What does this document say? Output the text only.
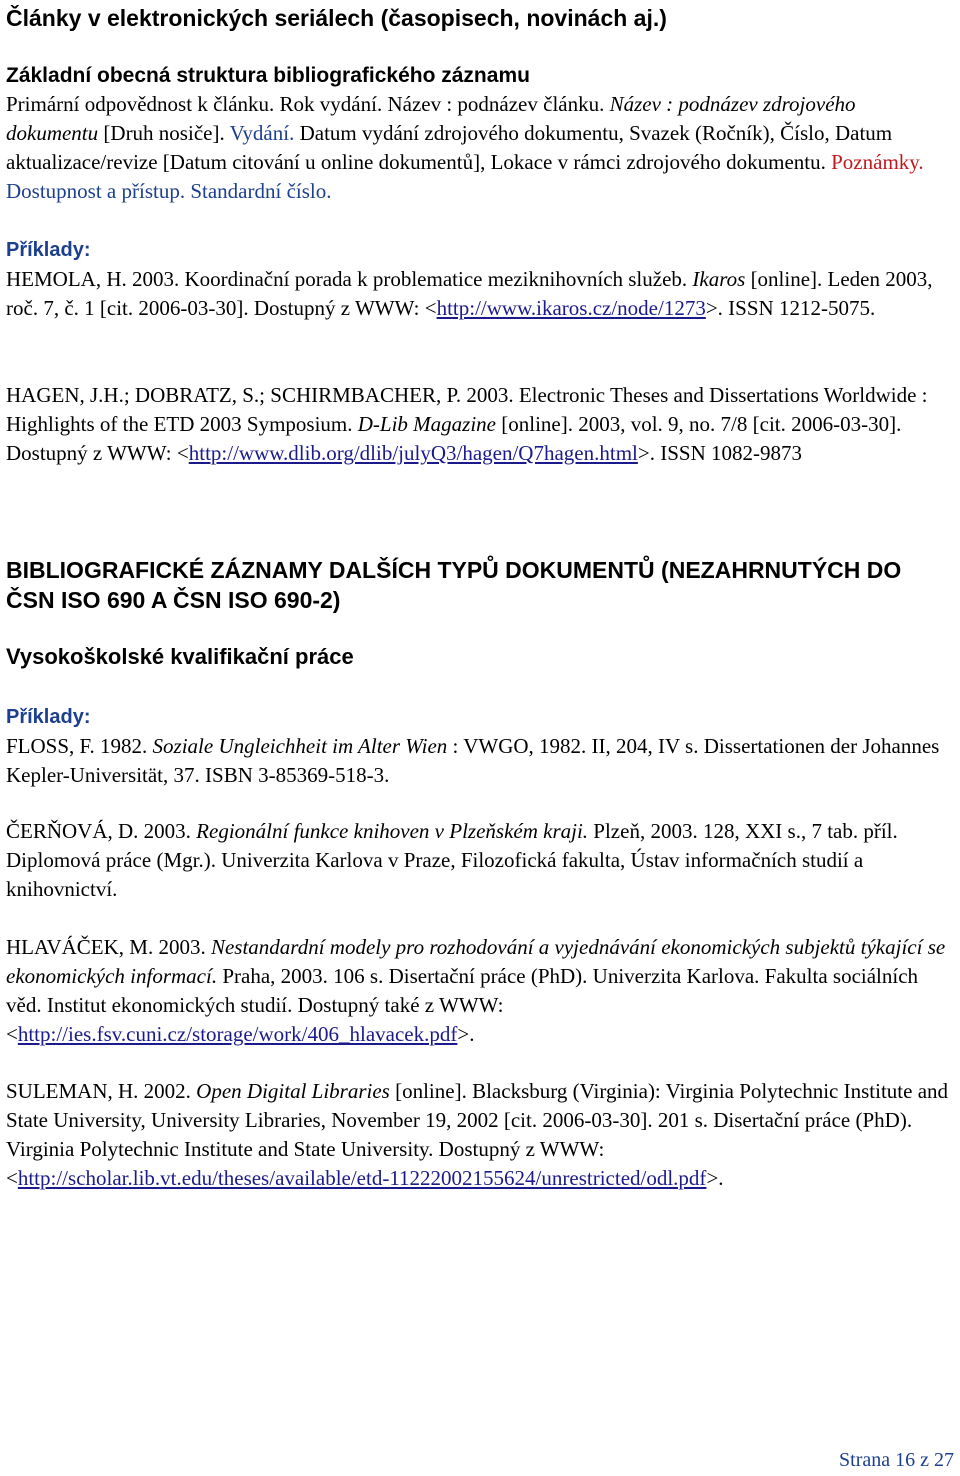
Články v elektronických seriálech (časopisech, novinách aj.)
Základní obecná struktura bibliografického záznamu
Primární odpovědnost k článku. Rok vydání. Název : podnázev článku. Název : podnázev zdrojového dokumentu [Druh nosiče]. Vydání. Datum vydání zdrojového dokumentu, Svazek (Ročník), Číslo, Datum aktualizace/revize [Datum citování u online dokumentů], Lokace v rámci zdrojového dokumentu. Poznámky. Dostupnost a přístup. Standardní číslo.
Příklady:
HEMOLA, H. 2003. Koordinační porada k problematice meziknihovních služeb. Ikaros [online]. Leden 2003, roč. 7, č. 1 [cit. 2006-03-30]. Dostupný z WWW: <http://www.ikaros.cz/node/1273>. ISSN 1212-5075.
HAGEN, J.H.; DOBRATZ, S.; SCHIRMBACHER, P. 2003. Electronic Theses and Dissertations Worldwide : Highlights of the ETD 2003 Symposium. D-Lib Magazine [online]. 2003, vol. 9, no. 7/8 [cit. 2006-03-30]. Dostupný z WWW: <http://www.dlib.org/dlib/julyQ3/hagen/Q7hagen.html>. ISSN 1082-9873
BIBLIOGRAFICKÉ ZÁZNAMY DALŠÍCH TYPŮ DOKUMENTŮ (NEZAHRNUTÝCH DO ČSN ISO 690 A ČSN ISO 690-2)
Vysokoškolské kvalifikační práce
Příklady:
FLOSS, F. 1982. Soziale Ungleichheit im Alter Wien : VWGO, 1982. II, 204, IV s. Dissertationen der Johannes Kepler-Universität, 37. ISBN 3-85369-518-3.
ČERŇOVÁ, D. 2003. Regionální funkce knihoven v Plzeňském kraji. Plzeň, 2003. 128, XXI s., 7 tab. příl. Diplomová práce (Mgr.). Univerzita Karlova v Praze, Filozofická fakulta, Ústav informačních studií a knihovnictví.
HLAVÁČEK, M. 2003. Nestandardní modely pro rozhodování a vyjednávání ekonomických subjektů týkající se ekonomických informací. Praha, 2003. 106 s. Disertační práce (PhD). Univerzita Karlova. Fakulta sociálních věd. Institut ekonomických studií. Dostupný také z WWW: <http://ies.fsv.cuni.cz/storage/work/406_hlavacek.pdf>.
SULEMAN, H. 2002. Open Digital Libraries [online]. Blacksburg (Virginia): Virginia Polytechnic Institute and State University, University Libraries, November 19, 2002 [cit. 2006-03-30]. 201 s. Disertační práce (PhD). Virginia Polytechnic Institute and State University. Dostupný z WWW: <http://scholar.lib.vt.edu/theses/available/etd-11222002155624/unrestricted/odl.pdf>.
Strana 16 z 27
